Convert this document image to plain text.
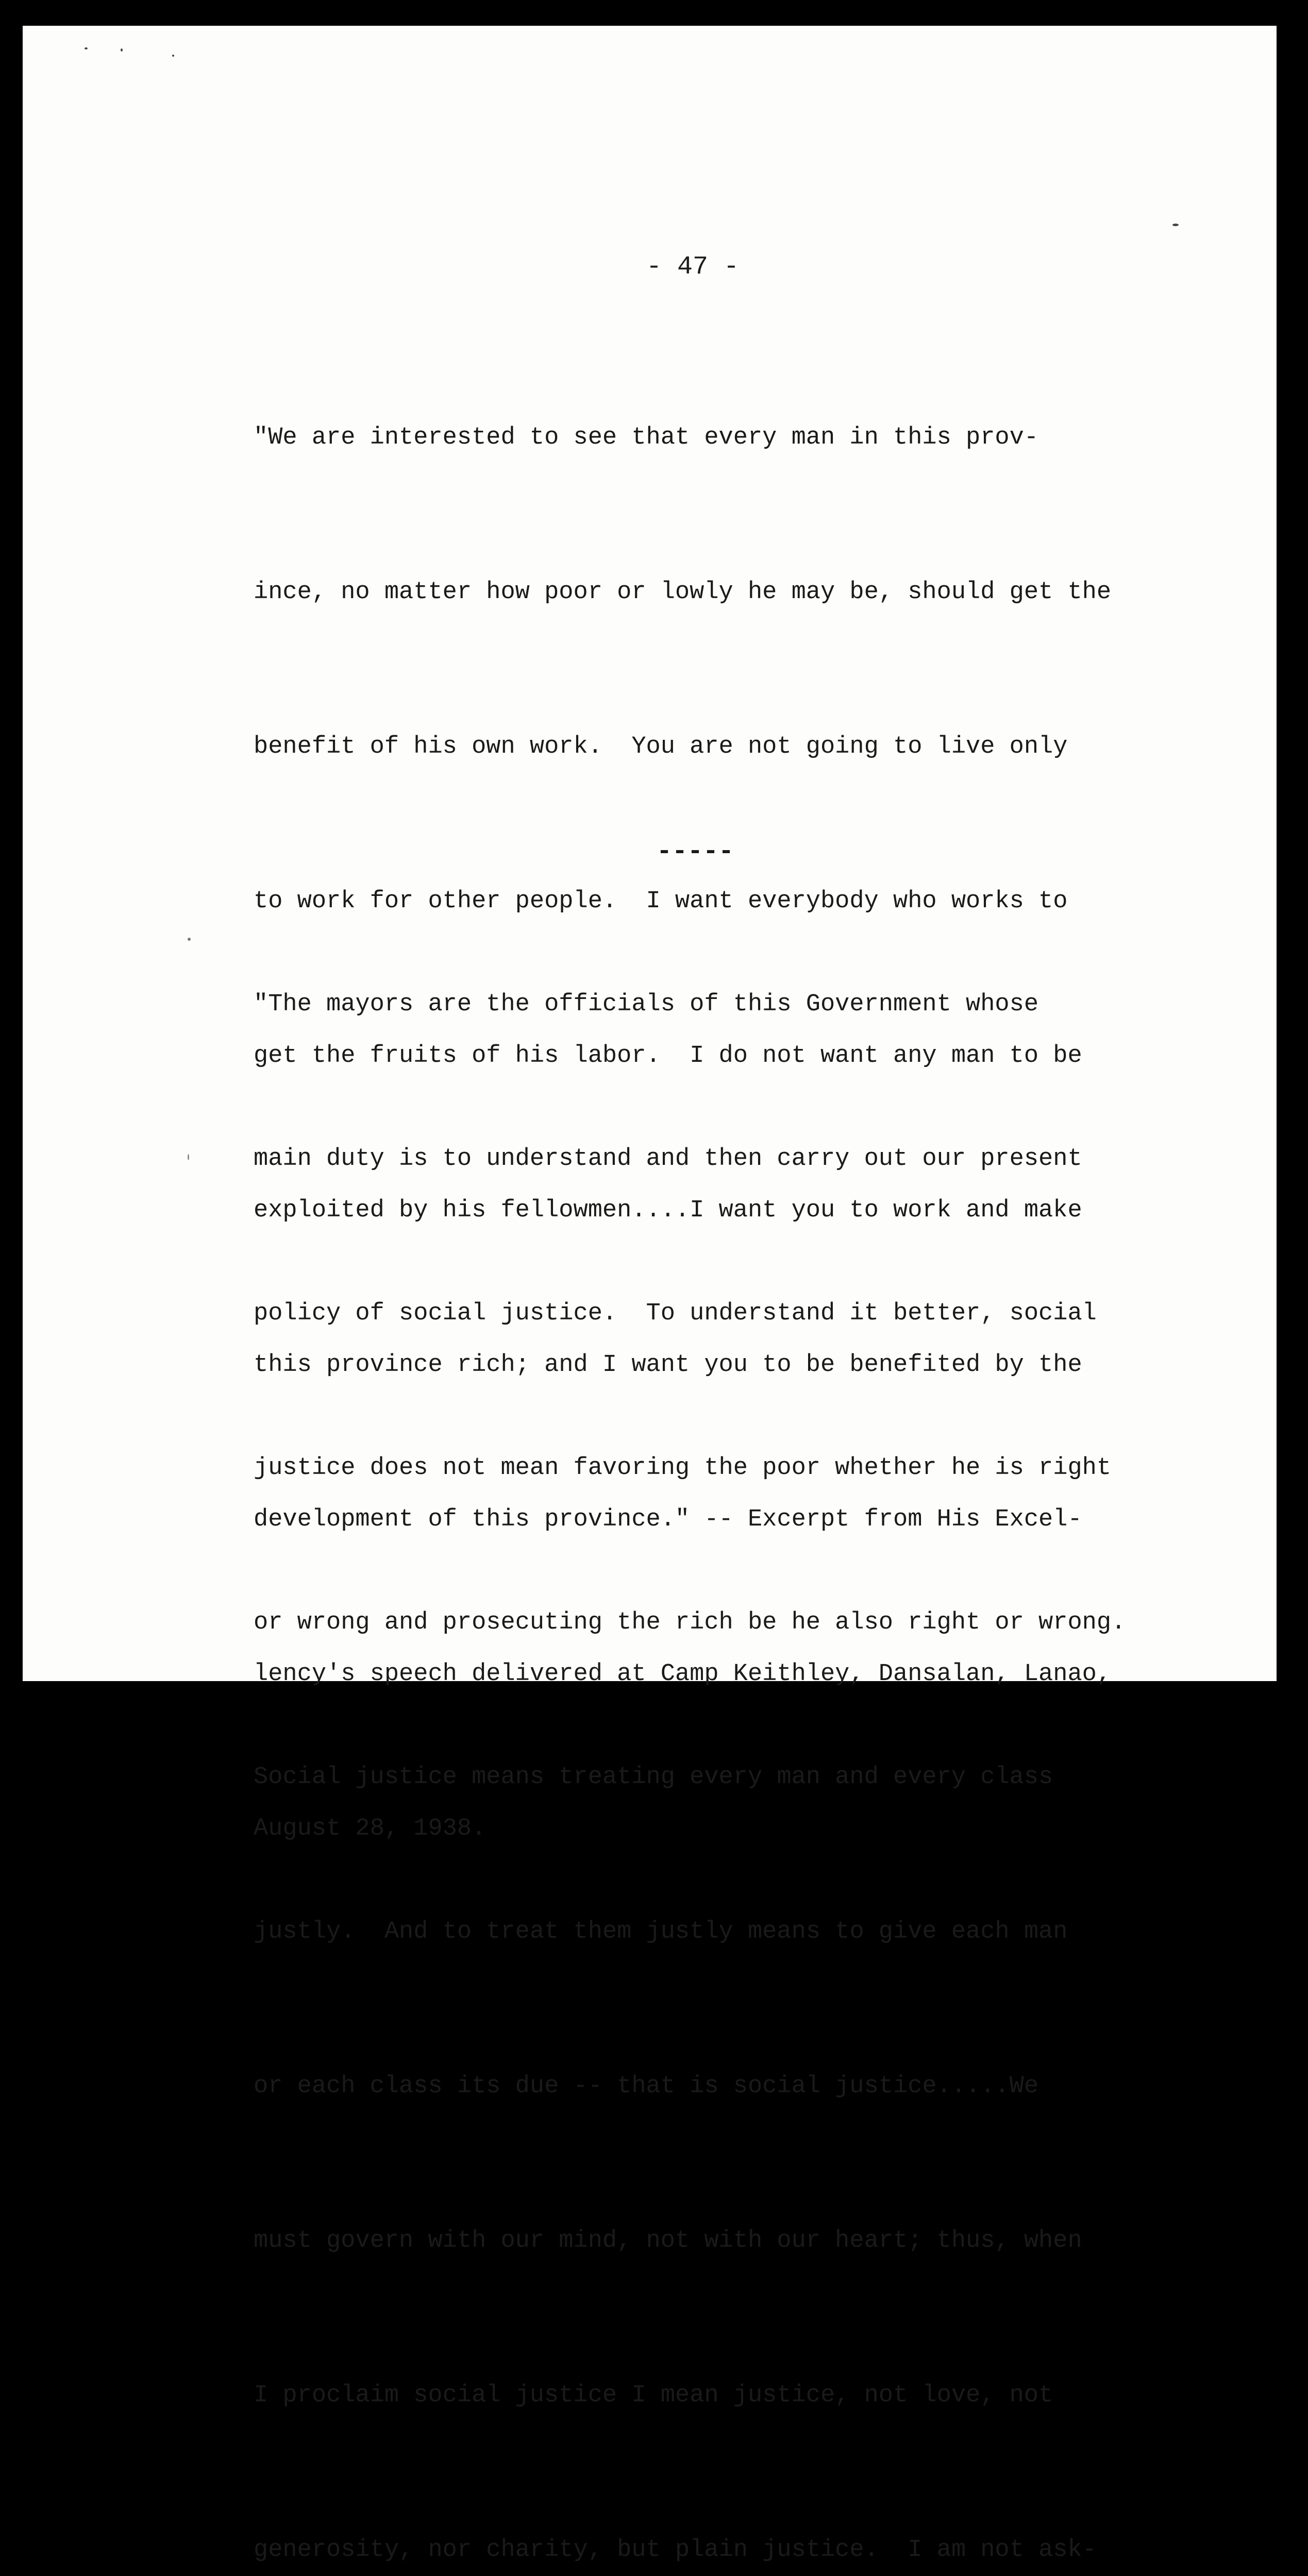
- 47 -

"We are interested to see that every man in this prov-

ince, no matter how poor or lowly he may be, should get the

benefit of his own work.  You are not going to live only

to work for other people.  I want everybody who works to

get the fruits of his labor.  I do not want any man to be

exploited by his fellowmen....I want you to work and make

this province rich; and I want you to be benefited by the

development of this province." -- Excerpt from His Excel-

lency's speech delivered at Camp Keithley, Dansalan, Lanao,

August 28, 1938.

-----

"The mayors are the officials of this Government whose

main duty is to understand and then carry out our present

policy of social justice.  To understand it better, social

justice does not mean favoring the poor whether he is right

or wrong and prosecuting the rich be he also right or wrong.

Social justice means treating every man and every class

justly.  And to treat them justly means to give each man

or each class its due -- that is social justice.....We

must govern with our mind, not with our heart; thus, when

I proclaim social justice I mean justice, not love, not

generosity, nor charity, but plain justice.  I am not ask-
